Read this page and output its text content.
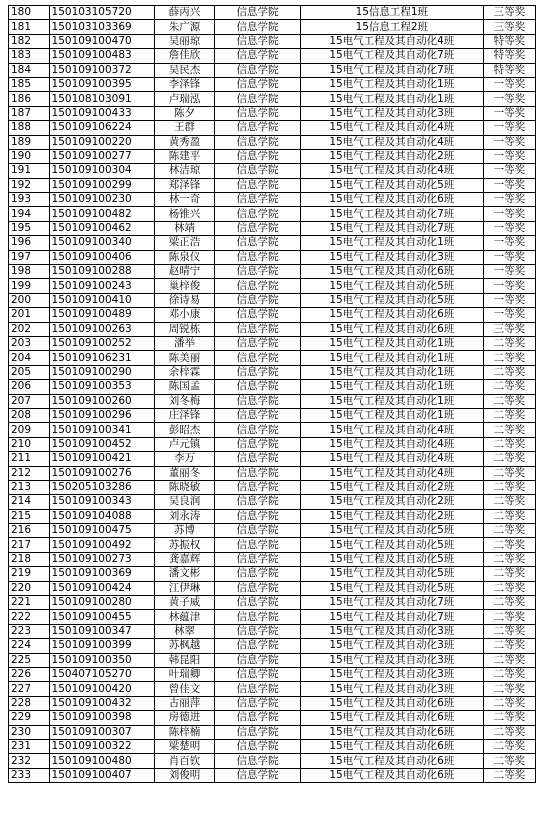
180	150103105720	薛丙兴	信息学院	15信息工程1班	三等奖
181	150103103369	朱广源	信息学院	15信息工程2班	三等奖
182	150109100470	吴丽琼	信息学院	15电气工程及其自动化4班	特等奖
183	150109100483	詹佳欣	信息学院	15电气工程及其自动化7班	特等奖
184	150109100372	吴民杰	信息学院	15电气工程及其自动化7班	特等奖
185	150109100395	李泽锋	信息学院	15电气工程及其自动化1班	一等奖
186	150108103091	卢瑞泓	信息学院	15电气工程及其自动化1班	一等奖
187	150109100433	陈夕	信息学院	15电气工程及其自动化3班	一等奖
188	150109106224	王群	信息学院	15电气工程及其自动化4班	一等奖
189	150109100220	黄秀盈	信息学院	15电气工程及其自动化4班	一等奖
190	150109100277	陈建平	信息学院	15电气工程及其自动化2班	一等奖
191	150109100304	林洁琼	信息学院	15电气工程及其自动化4班	一等奖
192	150109100299	郑泽锋	信息学院	15电气工程及其自动化5班	一等奖
193	150109100230	林一奇	信息学院	15电气工程及其自动化6班	一等奖
194	150109100482	杨锥兴	信息学院	15电气工程及其自动化7班	一等奖
195	150109100462	林靖	信息学院	15电气工程及其自动化7班	一等奖
196	150109100340	梁正浩	信息学院	15电气工程及其自动化1班	一等奖
197	150109100406	陈泉仪	信息学院	15电气工程及其自动化3班	一等奖
198	150109100288	赵晴宁	信息学院	15电气工程及其自动化6班	一等奖
199	150109100243	巢梓俊	信息学院	15电气工程及其自动化5班	一等奖
200	150109100410	徐诗易	信息学院	15电气工程及其自动化5班	一等奖
201	150109100489	邓小康	信息学院	15电气工程及其自动化6班	一等奖
202	150109100263	周锐栋	信息学院	15电气工程及其自动化6班	三等奖
203	150109100252	潘举	信息学院	15电气工程及其自动化1班	二等奖
204	150109106231	陈美丽	信息学院	15电气工程及其自动化1班	二等奖
205	150109100290	余梓霖	信息学院	15电气工程及其自动化1班	二等奖
206	150109100353	陈国孟	信息学院	15电气工程及其自动化1班	二等奖
207	150109100260	刘冬梅	信息学院	15电气工程及其自动化1班	二等奖
208	150109100296	庄泽锋	信息学院	15电气工程及其自动化1班	二等奖
209	150109100341	彭昭杰	信息学院	15电气工程及其自动化4班	二等奖
210	150109100452	卢元镇	信息学院	15电气工程及其自动化4班	二等奖
211	150109100421	李万	信息学院	15电气工程及其自动化4班	二等奖
212	150109100276	董丽冬	信息学院	15电气工程及其自动化4班	二等奖
213	150205103286	陈晓敏	信息学院	15电气工程及其自动化2班	二等奖
214	150109100343	吴良润	信息学院	15电气工程及其自动化2班	二等奖
215	150109104088	刘永涛	信息学院	15电气工程及其自动化2班	二等奖
216	150109100475	苏博	信息学院	15电气工程及其自动化5班	二等奖
217	150109100492	苏振权	信息学院	15电气工程及其自动化5班	二等奖
218	150109100273	龚嘉辉	信息学院	15电气工程及其自动化5班	二等奖
219	150109100369	潘文彬	信息学院	15电气工程及其自动化5班	二等奖
220	150109100424	江伊琳	信息学院	15电气工程及其自动化5班	二等奖
221	150109100280	黄子威	信息学院	15电气工程及其自动化7班	二等奖
222	150109100455	林蕴津	信息学院	15电气工程及其自动化7班	二等奖
223	150109100347	林翠	信息学院	15电气工程及其自动化3班	二等奖
224	150109100399	苏枫越	信息学院	15电气工程及其自动化3班	二等奖
225	150109100350	韩昆阳	信息学院	15电气工程及其自动化3班	二等奖
226	150407105270	叶瑞卿	信息学院	15电气工程及其自动化3班	二等奖
227	150109100420	曾佳文	信息学院	15电气工程及其自动化3班	二等奖
228	150109100432	古丽萍	信息学院	15电气工程及其自动化6班	二等奖
229	150109100398	房德进	信息学院	15电气工程及其自动化6班	二等奖
230	150109100307	陈梓楠	信息学院	15电气工程及其自动化6班	二等奖
231	150109100322	梁楚明	信息学院	15电气工程及其自动化6班	二等奖
232	150109100480	肖百钦	信息学院	15电气工程及其自动化6班	二等奖
233	150109100407	刘俊明	信息学院	15电气工程及其自动化6班	二等奖
